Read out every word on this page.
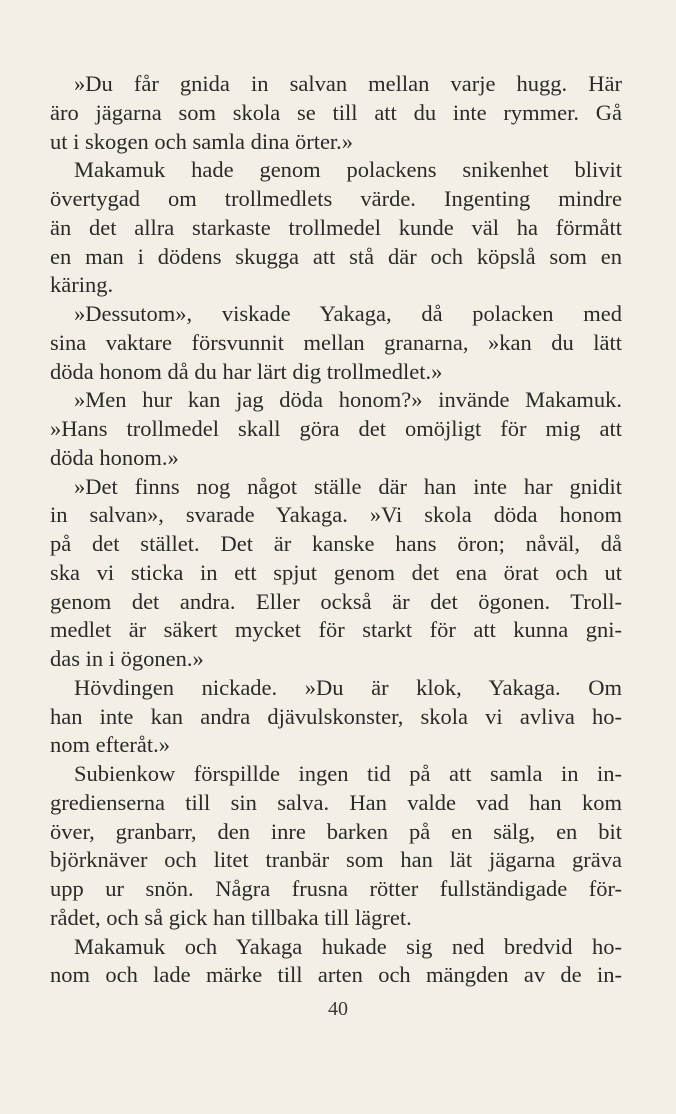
»Du får gnida in salvan mellan varje hugg. Här
äro jägarna som skola se till att du inte rymmer. Gå
ut i skogen och samla dina örter.»
Makamuk hade genom polackens snikenhet blivit
övertygad om trollmedlets värde. Ingenting mindre
än det allra starkaste trollmedel kunde väl ha förmått
en man i dödens skugga att stå där och köpslå som en
käring.
»Dessutom», viskade Yakaga, då polacken med
sina vaktare försvunnit mellan granarna, »kan du lätt
döda honom då du har lärt dig trollmedlet.»
»Men hur kan jag döda honom?» invände Makamuk.
»Hans trollmedel skall göra det omöjligt för mig att
döda honom.»
»Det finns nog något ställe där han inte har gnidit
in salvan», svarade Yakaga. »Vi skola döda honom
på det stället. Det är kanske hans öron; nåväl, då
ska vi sticka in ett spjut genom det ena örat och ut
genom det andra. Eller också är det ögonen. Troll-
medlet är säkert mycket för starkt för att kunna gni-
das in i ögonen.»
Hövdingen nickade. »Du är klok, Yakaga. Om
han inte kan andra djävulskonster, skola vi avliva ho-
nom efteråt.»
Subienkow förspillde ingen tid på att samla in in-
gredienserna till sin salva. Han valde vad han kom
över, granbarr, den inre barken på en sälg, en bit
björknäver och litet tranbär som han lät jägarna gräva
upp ur snön. Några frusna rötter fullständigade för-
rådet, och så gick han tillbaka till lägret.
Makamuk och Yakaga hukade sig ned bredvid ho-
nom och lade märke till arten och mängden av de in-
40
